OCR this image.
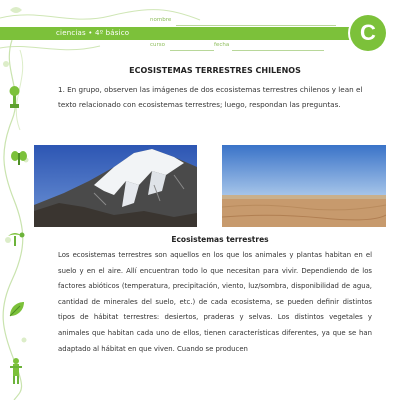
ciencias • 4º básico
nombre
curso	fecha	C
ECOSISTEMAS TERRESTRES CHILENOS
1. En grupo, observen las imágenes de dos ecosistemas terrestres chilenos y lean el texto relacionado con ecosistemas terrestres; luego, respondan las preguntas.
Ecosistemas terrestres
Los ecosistemas terrestres son aquellos en los que los animales y plantas habitan en el suelo y en el aire. Allí encuentran todo lo que necesitan para vivir. Dependiendo de los factores abióticos (temperatura, precipitación, viento, luz/sombra, disponibilidad de agua, cantidad de minerales del suelo, etc.) de cada ecosistema, se pueden definir distintos tipos de hábitat terrestres: desiertos, praderas y selvas. Los distintos vegetales y animales que habitan cada uno de ellos, tienen características diferentes, ya que se han adaptado al hábitat en que viven. Cuando se producen
